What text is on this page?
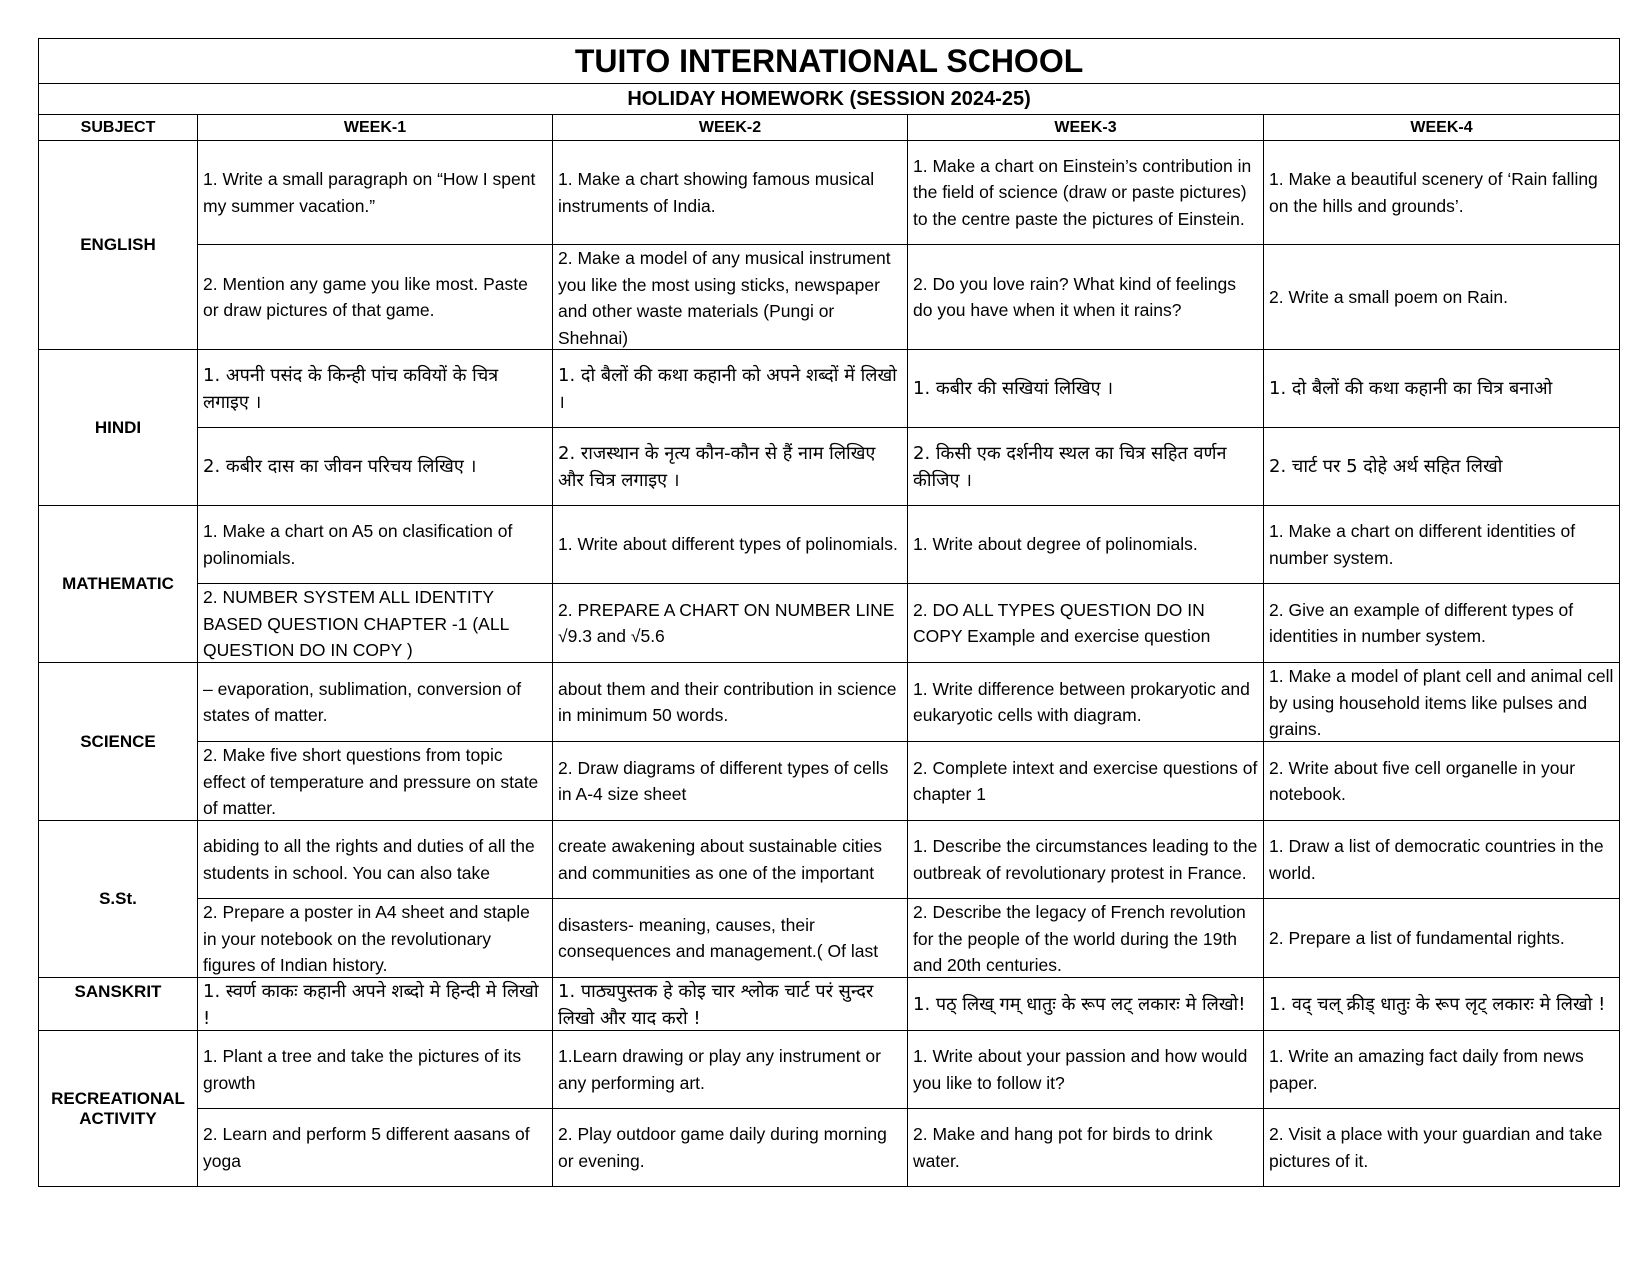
TUITO INTERNATIONAL SCHOOL				
HOLIDAY HOMEWORK (SESSION 2024-25)				
SUBJECT	WEEK-1	WEEK-2	WEEK-3	WEEK-4
ENGLISH	1. Write a small paragraph on “How I spent my summer vacation.”	1. Make a chart showing famous musical instruments of India.	1. Make a chart on Einstein’s contribution in the field of science (draw or paste pictures) to the centre paste the pictures of Einstein.	1. Make a beautiful scenery of ‘Rain falling on the hills and grounds’.

	2. Mention any game you like most. Paste or draw pictures of that game.	2. Make a model of any musical instrument you like the most using sticks, newspaper and other waste materials (Pungi or Shehnai)	2. Do you love rain? What kind of feelings do you have when it when it rains?	2. Write a small poem on Rain.

HINDI	1. अपनी पसंद के किन्ही पांच कवियों के चित्र लगाइए ।	1. दो बैलों की कथा कहानी को अपने शब्दों में लिखो ।	1. कबीर की सखियां लिखिए ।	1. दो बैलों की कथा कहानी का चित्र बनाओ

	2. कबीर दास का जीवन परिचय लिखिए ।	2. राजस्थान के नृत्य कौन-कौन से हैं नाम लिखिए और चित्र लगाइए ।	2. किसी एक दर्शनीय स्थल का चित्र सहित वर्णन कीजिए ।	2. चार्ट पर 5 दोहे अर्थ सहित लिखो

MATHEMATIC	1. Make a chart on A5 on clasification of polinomials.	1. Write about different types of polinomials.	1. Write about degree of polinomials.	1. Make a chart on different identities of number system.

	2. NUMBER SYSTEM ALL IDENTITY BASED QUESTION CHAPTER -1 (ALL QUESTION DO IN COPY )	2. PREPARE A CHART ON NUMBER LINE √9.3 and √5.6	2. DO ALL TYPES QUESTION DO IN COPY Example and exercise question	2. Give an example of different types of identities in number system.

SCIENCE	– evaporation, sublimation, conversion of states of matter.	about them and their contribution in science in minimum 50 words.	1. Write difference between prokaryotic and eukaryotic cells with diagram.	1. Make a model of plant cell and animal cell by using household items like pulses and grains.

	2. Make five short questions from topic effect of temperature and pressure on state of matter.	2. Draw diagrams of different types of cells in A-4 size sheet	2. Complete intext and exercise questions of chapter 1	2. Write about five cell organelle in your notebook.

S.St.	abiding to all the rights and duties of all the students in school. You can also take	create awakening about sustainable cities and communities as one of the important	1. Describe the circumstances leading to the outbreak of revolutionary protest in France.	1. Draw a list of democratic countries in the world.

	2. Prepare a poster in A4 sheet and staple in your notebook on the revolutionary figures of Indian history.	disasters- meaning, causes, their consequences and management.( Of last	2. Describe the legacy of French revolution for the people of the world during the 19th and 20th centuries.	2. Prepare a list of fundamental rights.

SANSKRIT	1. स्वर्ण काकः कहानी अपने शब्दो मे हिन्दी मे लिखो !	1. पाठ्यपुस्तक हे कोइ चार श्लोक चार्ट परं सुन्दर लिखो और याद करो !	1. पठ् लिख् गम् धातुः के रूप लट् लकारः मे लिखो!	1. वद् चल् क्रीड् धातुः के रूप लृट् लकारः मे लिखो !

RECREATIONAL ACTIVITY	1. Plant a tree and take the pictures of its growth	1.Learn drawing or play any instrument or any performing art.	1. Write about your passion and how would you like to follow it?	1. Write an amazing fact daily from news paper.

	2. Learn and perform 5 different aasans of yoga	2. Play outdoor game daily during morning or evening.	2. Make and hang pot for birds to drink water.	2. Visit a place with your guardian and take pictures of it.
